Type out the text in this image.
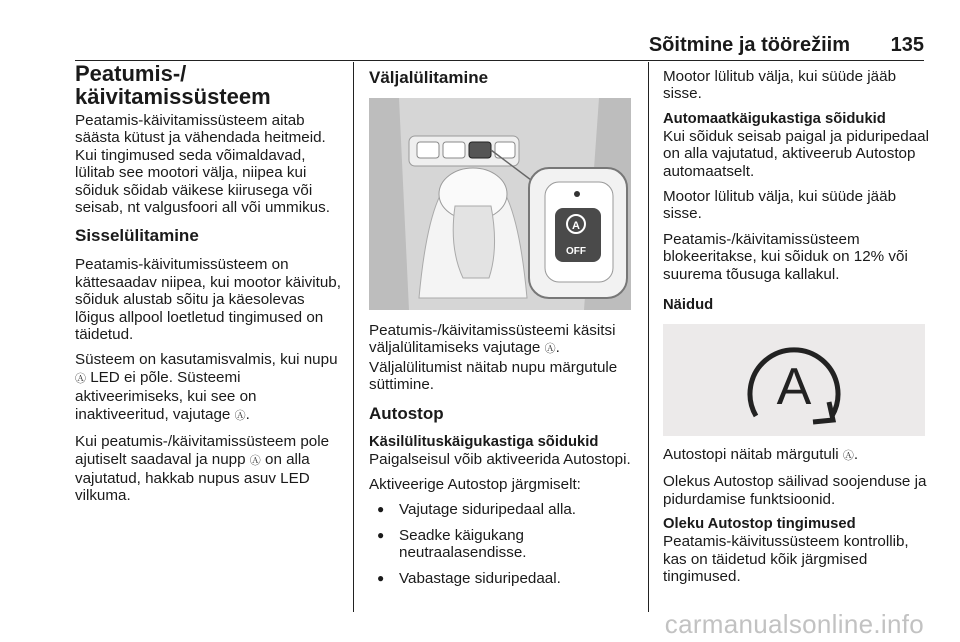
Sõitmine ja töörežiim 135
Peatumis-/ käivitamissüsteem

Peatamis-käivitamissüsteem aitab säästa kütust ja vähendada heitmeid. Kui tingimused seda võimaldavad, lülitab see mootori välja, niipea kui sõiduk sõidab väikese kiirusega või seisab, nt valgusfoori all või ummikus.

Sisselülitamine

Peatamis-käivitumissüsteem on kättesaadav niipea, kui mootor käivitub, sõiduk alustab sõitu ja käesolevas lõigus allpool loetletud tingimused on täidetud.

Süsteem on kasutamisvalmis, kui nupu Ⓐ LED ei põle. Süsteemi aktiveerimiseks, kui see on inaktiveeritud, vajutage Ⓐ.

Kui peatumis-/käivitamissüsteem pole ajutiselt saadaval ja nupp Ⓐ on alla vajutatud, hakkab nupus asuv LED vilkuma.

Väljalülitamine
A
OFF

Peatumis-/käivitamissüsteemi käsitsi väljalülitamiseks vajutage Ⓐ.
Väljalülitumist näitab nupu märgutule süttimine.

Autostop
Käsilülituskäigukastiga sõidukid

Paigalseisul võib aktiveerida Autostopi.

Aktiveerige Autostop järgmiselt:

● Vajutage siduripedaal alla.
● Seadke käigukang neutraalasendisse.
● Vabastage siduripedaal.

Mootor lülitub välja, kui süüde jääb sisse.

Automaatkäigukastiga sõidukid

Kui sõiduk seisab paigal ja piduripedaal on alla vajutatud, aktiveerub Autostop automaatselt.

Mootor lülitub välja, kui süüde jääb sisse.

Peatamis-/käivitamissüsteem blokeeritakse, kui sõiduk on 12% või suurema tõusuga kallakul.

Näidud
A

Autostopi näitab märgutuli Ⓐ.

Olekus Autostop säilivad soojenduse ja pidurdamise funktsioonid.

Oleku Autostop tingimused

Peatamis-käivitussüsteem kontrollib, kas on täidetud kõik järgmised tingimused.

carmanualsonline.info
